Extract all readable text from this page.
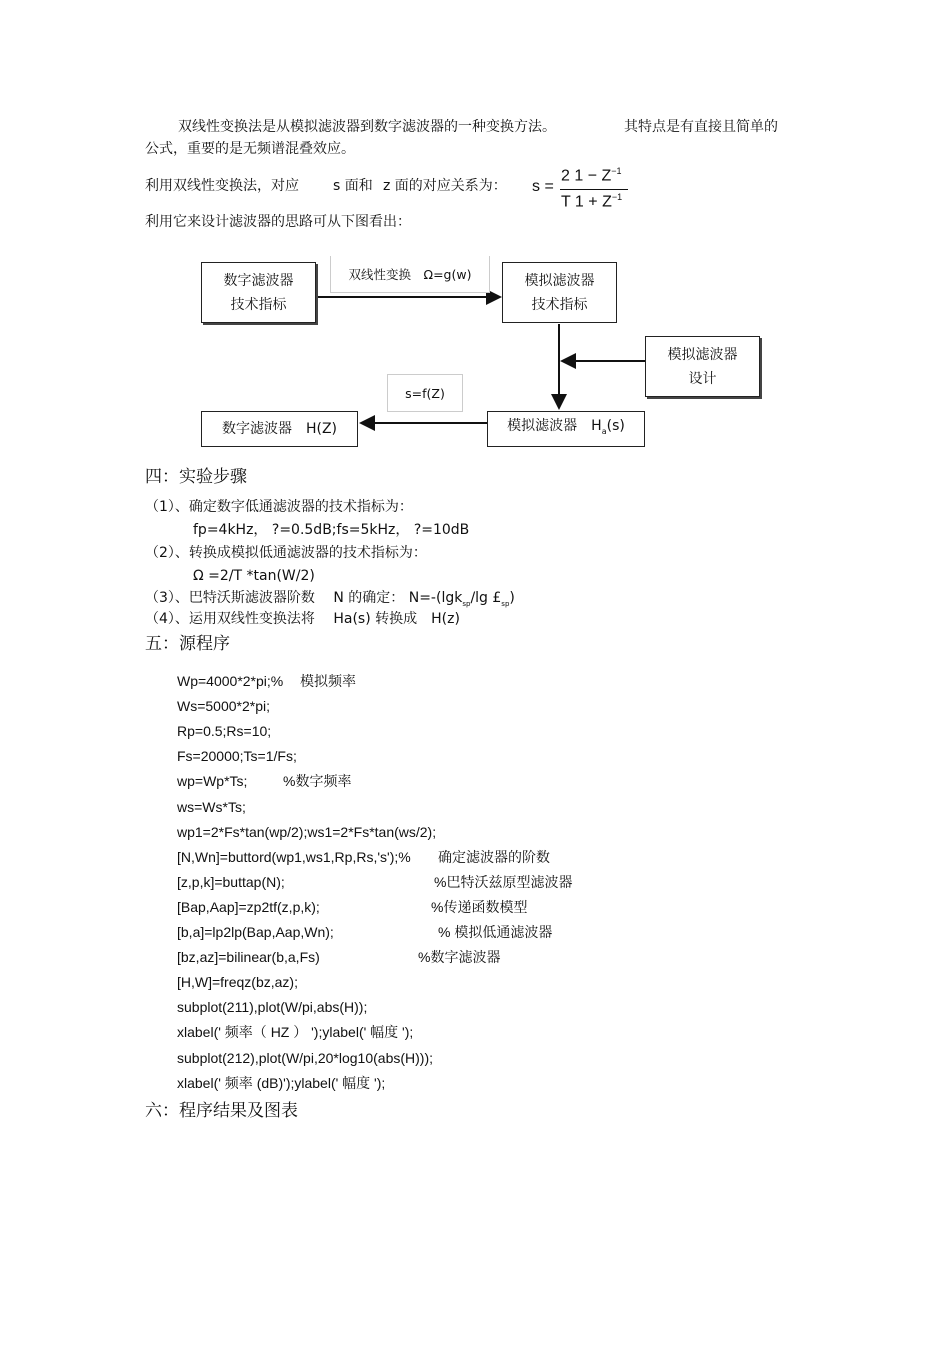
双线性变换法是从模拟滤波器到数字滤波器的一种变换方法。	其特点是有直接且简单的
公式，重要的是无频谱混叠效应。
利用双线性变换法，对应 s 面和 z 面的对应关系为： s =
2 $1 - Z^{-1}$
T $1 + Z^{-1}$
利用它来设计滤波器的思路可从下图看出：
双线性变换　Ω=g(w)
数字滤波器
技术指标
模拟滤波器
技术指标
模拟滤波器
设计
s=f(Z)
数字滤波器　H(Z)	模拟滤波器　$H_a(s)$
四：实验步骤
（1）、确定数字低通滤波器的技术指标为：
fp=4kHz， ?=0.5dB;fs=5kHz， ?=10dB
（2）、转换成模拟低通滤波器的技术指标为：
Ω =2/T *tan(W/2)
（3）、巴特沃斯滤波器阶数　 N 的确定： N=-(lgk$_{sp}$/lg $£_{sp}$)
（4）、运用双线性变换法将　 Ha(s) 转换成　H(z)
五：源程序
Wp=4000*2*pi;% 模拟频率
Ws=5000*2*pi;
Rp=0.5;Rs=10;
Fs=20000;Ts=1/Fs;
wp=Wp*Ts;	%数字频率
ws=Ws*Ts;
wp1=2*Fs*tan(wp/2);ws1=2*Fs*tan(ws/2);
[N,Wn]=buttord(wp1,ws1,Rp,Rs,'s');% 确定滤波器的阶数
[z,p,k]=buttap(N);	%巴特沃兹原型滤波器
[Bap,Aap]=zp2tf(z,p,k);	%传递函数模型
[b,a]=lp2lp(Bap,Aap,Wn);	% 模拟低通滤波器
[bz,az]=bilinear(b,a,Fs)	%数字滤波器
[H,W]=freqz(bz,az);
subplot(211),plot(W/pi,abs(H));
xlabel(' 频率（ HZ ） ');ylabel(' 幅度 ');
subplot(212),plot(W/pi,20*log10(abs(H)));
xlabel(' 频率 (dB)');ylabel(' 幅度 ');
六：程序结果及图表
